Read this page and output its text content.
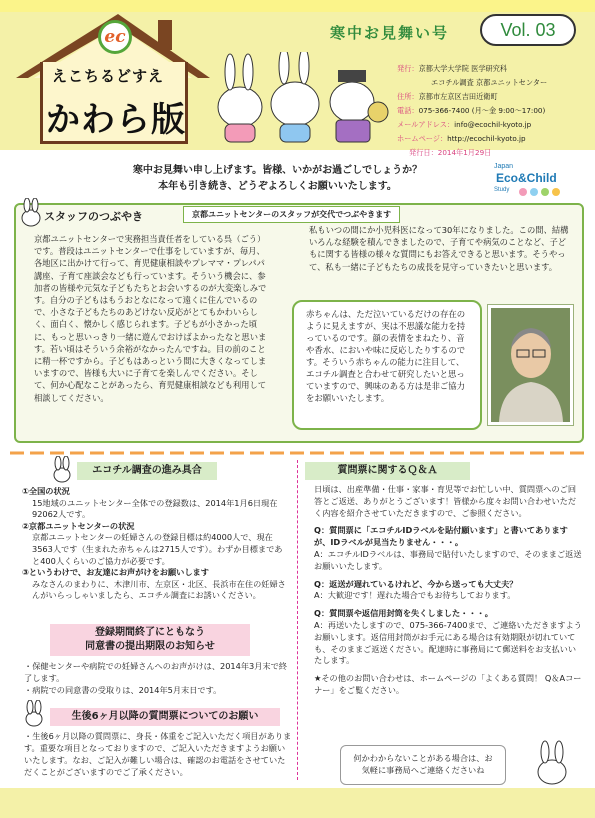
ec
えこちるどすえ
かわら版
寒中お見舞い号	Vol. 03
発行：京都大学大学院 医学研究科
エコチル調査 京都ユニットセンター
住所：京都市左京区吉田近衛町
電話：075-366-7400 (月～金 9:00～17:00)
メールアドレス：info@ecochil-kyoto.jp
ホームページ：http://ecochil-kyoto.jp
発行日：2014年1月29日
寒中お見舞い申し上げます。皆様、いかがお過ごしでしょうか？
本年も引き続き、どうぞよろしくお願いいたします。
Japan
Eco&Child
Study
スタッフのつぶやき	京都ユニットセンターのスタッフが交代でつぶやきます
京都ユニットセンターで実務担当責任者をしている呉（ごう）です。普段はユニットセンターで仕事をしていますが、毎月、各地区に出かけて行って、育児健康相談やプレママ・プレパパ講座、子育て座談会なども行っています。そういう機会に、参加者の皆様や元気な子どもたちとお会いするのが大変楽しみです。自分の子どもはもうおとなになって遠くに住んでいるので、小さな子どもたちのあどけない反応がとてもかわいらしく、面白く、懐かしく感じられます。子どもが小さかった頃に、もっと思いっきり一緒に遊んでおけばよかったなと思います。若い頃はそういう余裕がなかったんですね。目の前のことに精一杯ですから。子どもはあっという間に大きくなってしまいますので、皆様も大いに子育てを楽しんでください。そして、何か心配なことがあったら、育児健康相談なども利用して相談してください。
私もいつの間にか小児科医になって30年になりました。この間、結構いろんな経験を積んできましたので、子育てや病気のことなど、子どもに関する皆様の様々な質問にもお答えできると思います。そうやって、私も一緒に子どもたちの成長を見守っていきたいと思います。
赤ちゃんは、ただ泣いているだけの存在のように見えますが、実は不思議な能力を持っているのです。顔の表情をまねたり、音や香水、においや味に反応したりするのです。そういう赤ちゃんの能力に注目して、エコチル調査と合わせて研究したいと思っていますので、興味のある方は是非ご協力をお願いいたします。
エコチル調査の進み具合
①全国の状況
15地域のユニットセンター全体での登録数は、2014年1月6日現在92062人です。
②京都ユニットセンターの状況
京都ユニットセンターの妊婦さんの登録目標は約4000人で、現在3563人です（生まれた赤ちゃんは2715人です）。わずか目標まであと400人くらいのご協力が必要です。
③というわけで、お友達にお声がけをお願いします
みなさんのまわりに、木津川市、左京区・北区、長浜市在住の妊婦さんがいらっしゃいましたら、エコチル調査にお誘いください。
登録期間終了にともなう
同意書の提出期限のお知らせ
・保健センターや病院での妊婦さんへのお声がけは、2014年3月末で終了します。
・病院での同意書の受取りは、2014年5月末日です。
生後6ヶ月以降の質問票についてのお願い
・生後6ヶ月以降の質問票に、身長・体重をご記入いただく項目があります。重要な項目となっておりますので、ご記入いただきますようお願いいたします。なお、ご記入が難しい場合は、確認のお電話をさせていただくことがございますのでご了承ください。
質問票に関するＱ＆Ａ

日頃は、出産準備・仕事・家事・育児等でお忙しい中、質問票へのご回答とご返送、ありがとうございます！皆様から度々お問い合わせいただく内容を紹介させていただきますので、ご参照ください。

Q：質問票に「エコチルIDラベルを貼付願います」と書いてありますが、IDラベルが見当たりません・・・。

A：エコチルIDラベルは、事務局で貼付いたしますので、そのままご返送お願いいたします。

Q：返送が遅れているけれど、今から送っても大丈夫？

A：大歓迎です！遅れた場合でもお待ちしております。

Q：質問票や返信用封筒を失くしました・・・。

A：再送いたしますので、075-366-7400まで、ご連絡いただきますようお願いします。返信用封筒がお手元にある場合は有効期限が切れていても、そのままご返送ください。配達時に事務局にて郵送料をお支払いいたします。

★その他のお問い合わせは、ホームページの「よくある質問！ Q＆Aコーナー」をご覧ください。

何かわからないことがある場合は、お気軽に事務局へご連絡くださいね
